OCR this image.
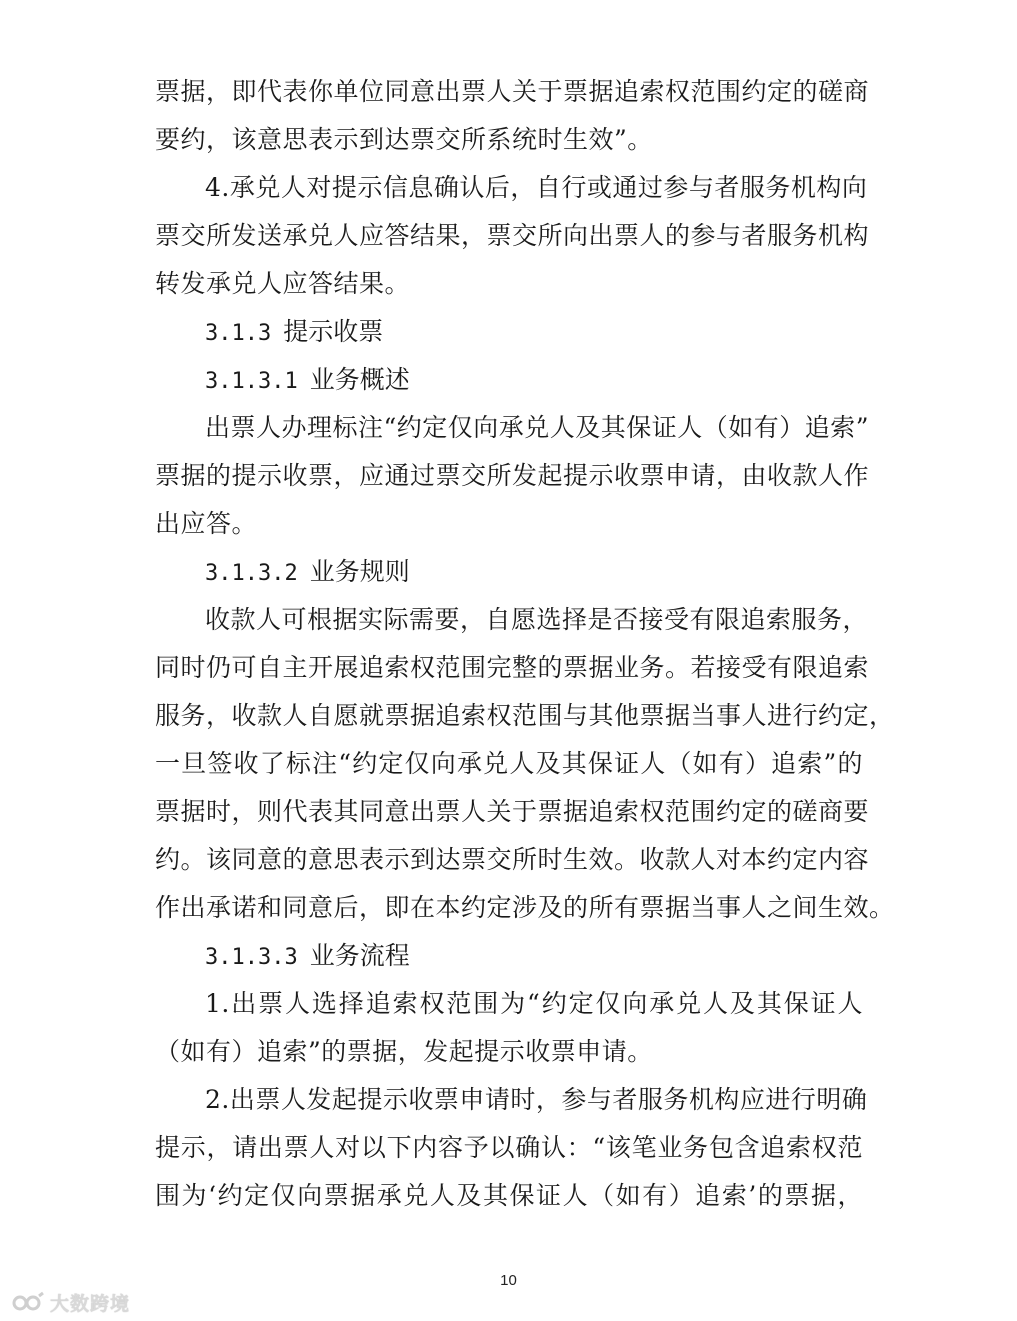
票据，即代表你单位同意出票人关于票据追索权范围约定的磋商
要约，该意思表示到达票交所系统时生效”。
4.承兑人对提示信息确认后，自行或通过参与者服务机构向
票交所发送承兑人应答结果，票交所向出票人的参与者服务机构
转发承兑人应答结果。
3.1.3 提示收票
3.1.3.1 业务概述
出票人办理标注“约定仅向承兑人及其保证人（如有）追索”
票据的提示收票，应通过票交所发起提示收票申请，由收款人作
出应答。
3.1.3.2 业务规则
收款人可根据实际需要，自愿选择是否接受有限追索服务，
同时仍可自主开展追索权范围完整的票据业务。若接受有限追索
服务，收款人自愿就票据追索权范围与其他票据当事人进行约定，
一旦签收了标注“约定仅向承兑人及其保证人（如有）追索”的
票据时，则代表其同意出票人关于票据追索权范围约定的磋商要
约。该同意的意思表示到达票交所时生效。收款人对本约定内容
作出承诺和同意后，即在本约定涉及的所有票据当事人之间生效。
3.1.3.3 业务流程
1.出票人选择追索权范围为“约定仅向承兑人及其保证人
（如有）追索”的票据，发起提示收票申请。
2.出票人发起提示收票申请时，参与者服务机构应进行明确
提示，请出票人对以下内容予以确认：“该笔业务包含追索权范
围为‘约定仅向票据承兑人及其保证人（如有）追索’的票据，
10
大数跨境
